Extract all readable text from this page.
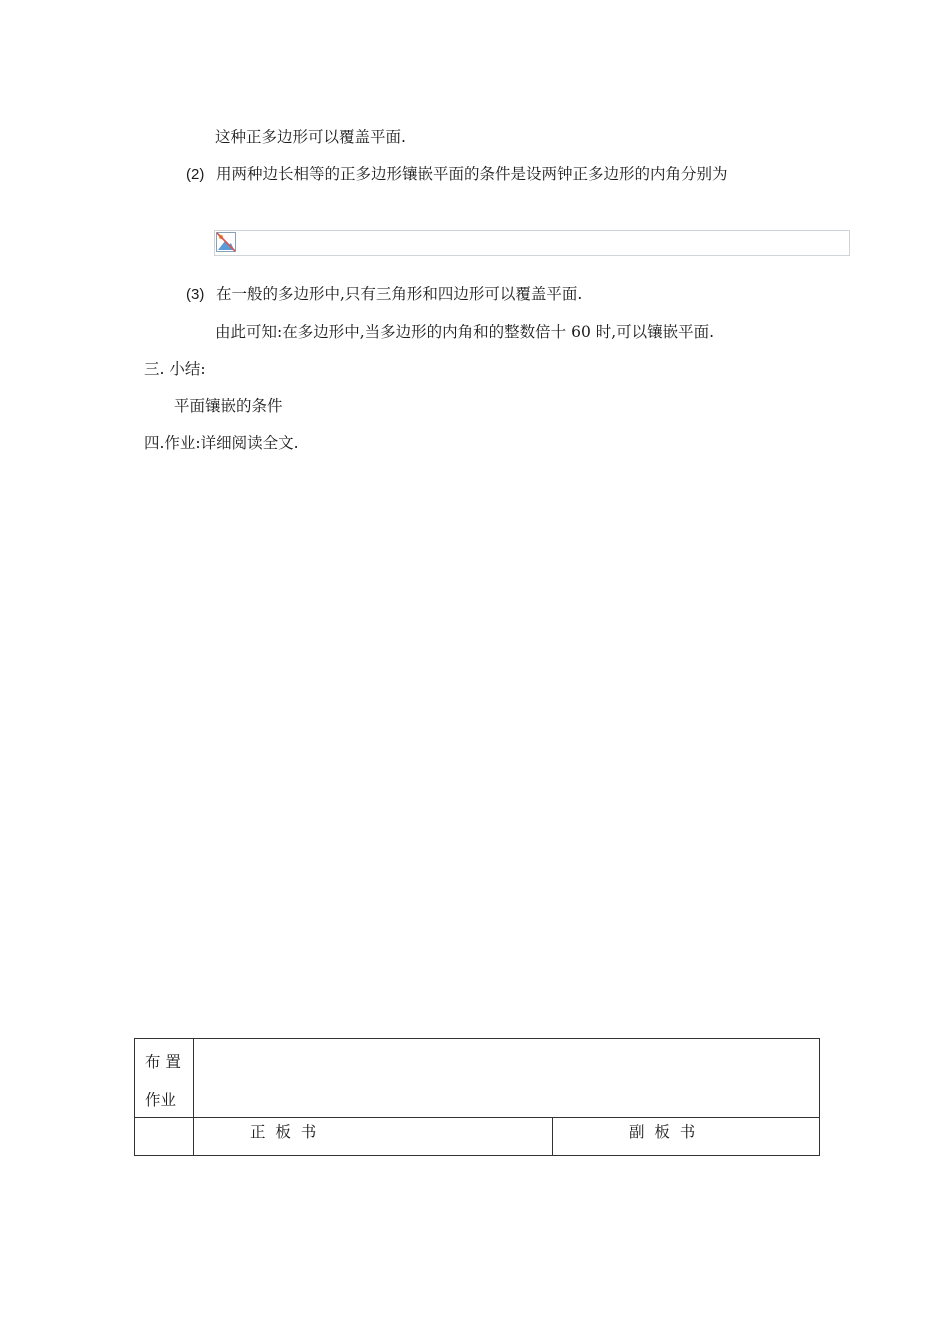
这种正多边形可以覆盖平面.
(2) 用两种边长相等的正多边形镶嵌平面的条件是设两钟正多边形的内角分别为
(3) 在一般的多边形中,只有三角形和四边形可以覆盖平面.
由此可知:在多边形中,当多边形的内角和的整数倍十 60 时,可以镶嵌平面.
三. 小结:
平面镶嵌的条件
四.作业:详细阅读全文.
布 置
作业		

	正  板  书	副  板  书
